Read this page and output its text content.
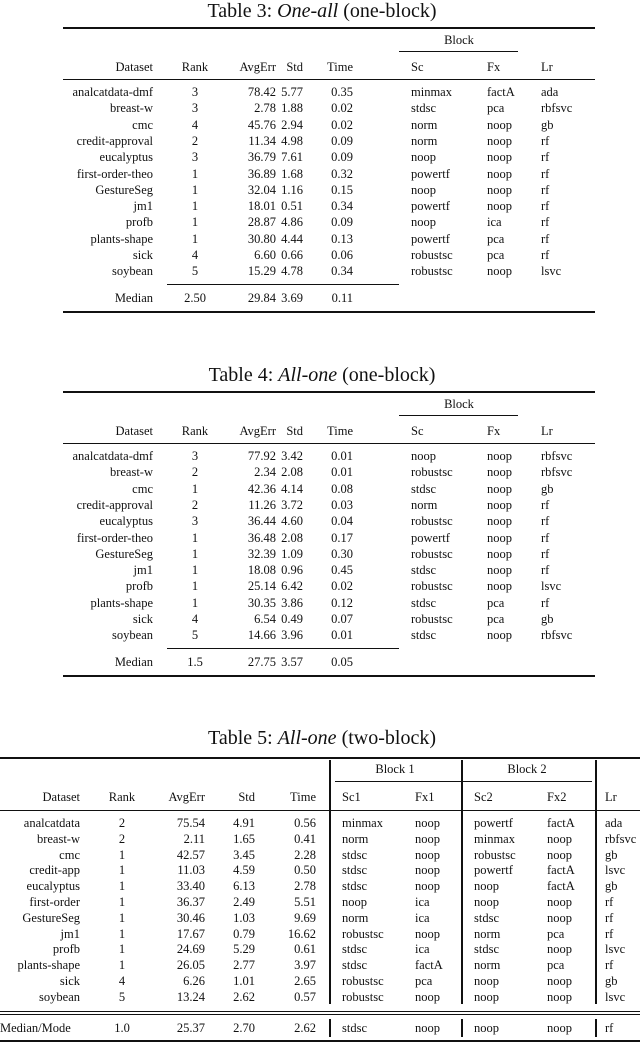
Table 3: One-all (one-block)
Block
Dataset	Rank	AvgErr Std	Time	Sc	Fx	Lr
analcatdata-dmf	3	78.42 5.77	0.35	minmax	factA ada
breast-w	3	2.78 1.88	0.02	stdsc	pca	rbfsvc
cmc	4	45.76 2.94	0.02	norm	noop gb
credit-approval	2	11.34 4.98	0.09	norm	noop rf
eucalyptus	3	36.79 7.61	0.09	noop	noop rf
first-order-theo	1	36.89 1.68	0.32	powertf	noop rf
GestureSeg	1	32.04 1.16	0.15	noop	noop rf
jm1	1	18.01 0.51	0.34	powertf	noop rf
profb	1	28.87 4.86	0.09	noop	ica	rf
plants-shape	1	30.80 4.44	0.13	powertf	pca	rf
sick	4	6.60 0.66	0.06	robustsc	pca	rf
soybean	5	15.29 4.78	0.34	robustsc	noop lsvc
Median	2.50	29.84 3.69	0.11
Table 4: All-one (one-block)
Block
Dataset	Rank	AvgErr Std	Time	Sc	Fx	Lr
analcatdata-dmf	3	77.92 3.42	0.01	noop	noop rbfsvc
breast-w	2	2.34 2.08	0.01	robustsc	noop rbfsvc
cmc	1	42.36 4.14	0.08	stdsc	noop gb
credit-approval	2	11.26 3.72	0.03	norm	noop rf
eucalyptus	3	36.44 4.60	0.04	robustsc	noop rf
first-order-theo	1	36.48 2.08	0.17	powertf	noop rf
GestureSeg	1	32.39 1.09	0.30	robustsc	noop rf
jm1	1	18.08 0.96	0.45	stdsc	noop rf
profb	1	25.14 6.42	0.02	robustsc	noop lsvc
plants-shape	1	30.35 3.86	0.12	stdsc	pca	rf
sick	4	6.54 0.49	0.07	robustsc	pca	gb
soybean	5	14.66 3.96	0.01	stdsc	noop rbfsvc
Median	1.5	27.75 3.57	0.05
Table 5: All-one (two-block)
Block 1	Block 2
Dataset	Rank	AvgErr	Std	Time Sc1	Fx1	Sc2	Fx2	Lr
analcatdata	2	75.54	4.91	0.56 minmax	noop	powertf	factA ada
breast-w	2	2.11	1.65	0.41 norm	noop	minmax	noop	rbfsvc
cmc	1	42.57	3.45	2.28 stdsc	noop	robustsc	noop	gb
credit-app	1	11.03	4.59	0.50 stdsc	noop	powertf	factA lsvc
eucalyptus	1	33.40	6.13	2.78 stdsc	noop	noop	factA gb
first-order	1	36.37	2.49	5.51 noop	ica	noop	noop	rf
GestureSeg	1	30.46	1.03	9.69 norm	ica	stdsc	noop	rf
jm1	1	17.67	0.79	16.62 robustsc	noop	norm	pca	rf
profb	1	24.69	5.29	0.61 stdsc	ica	stdsc	noop	lsvc
plants-shape	1	26.05	2.77	3.97 stdsc	factA norm	pca	rf
sick	4	6.26	1.01	2.65 robustsc	pca	noop	noop	gb
soybean	5	13.24	2.62	0.57 robustsc	noop	noop	noop	lsvc
Median/Mode	1.0	25.37	2.70	2.62 stdsc	noop	noop	noop	rf
